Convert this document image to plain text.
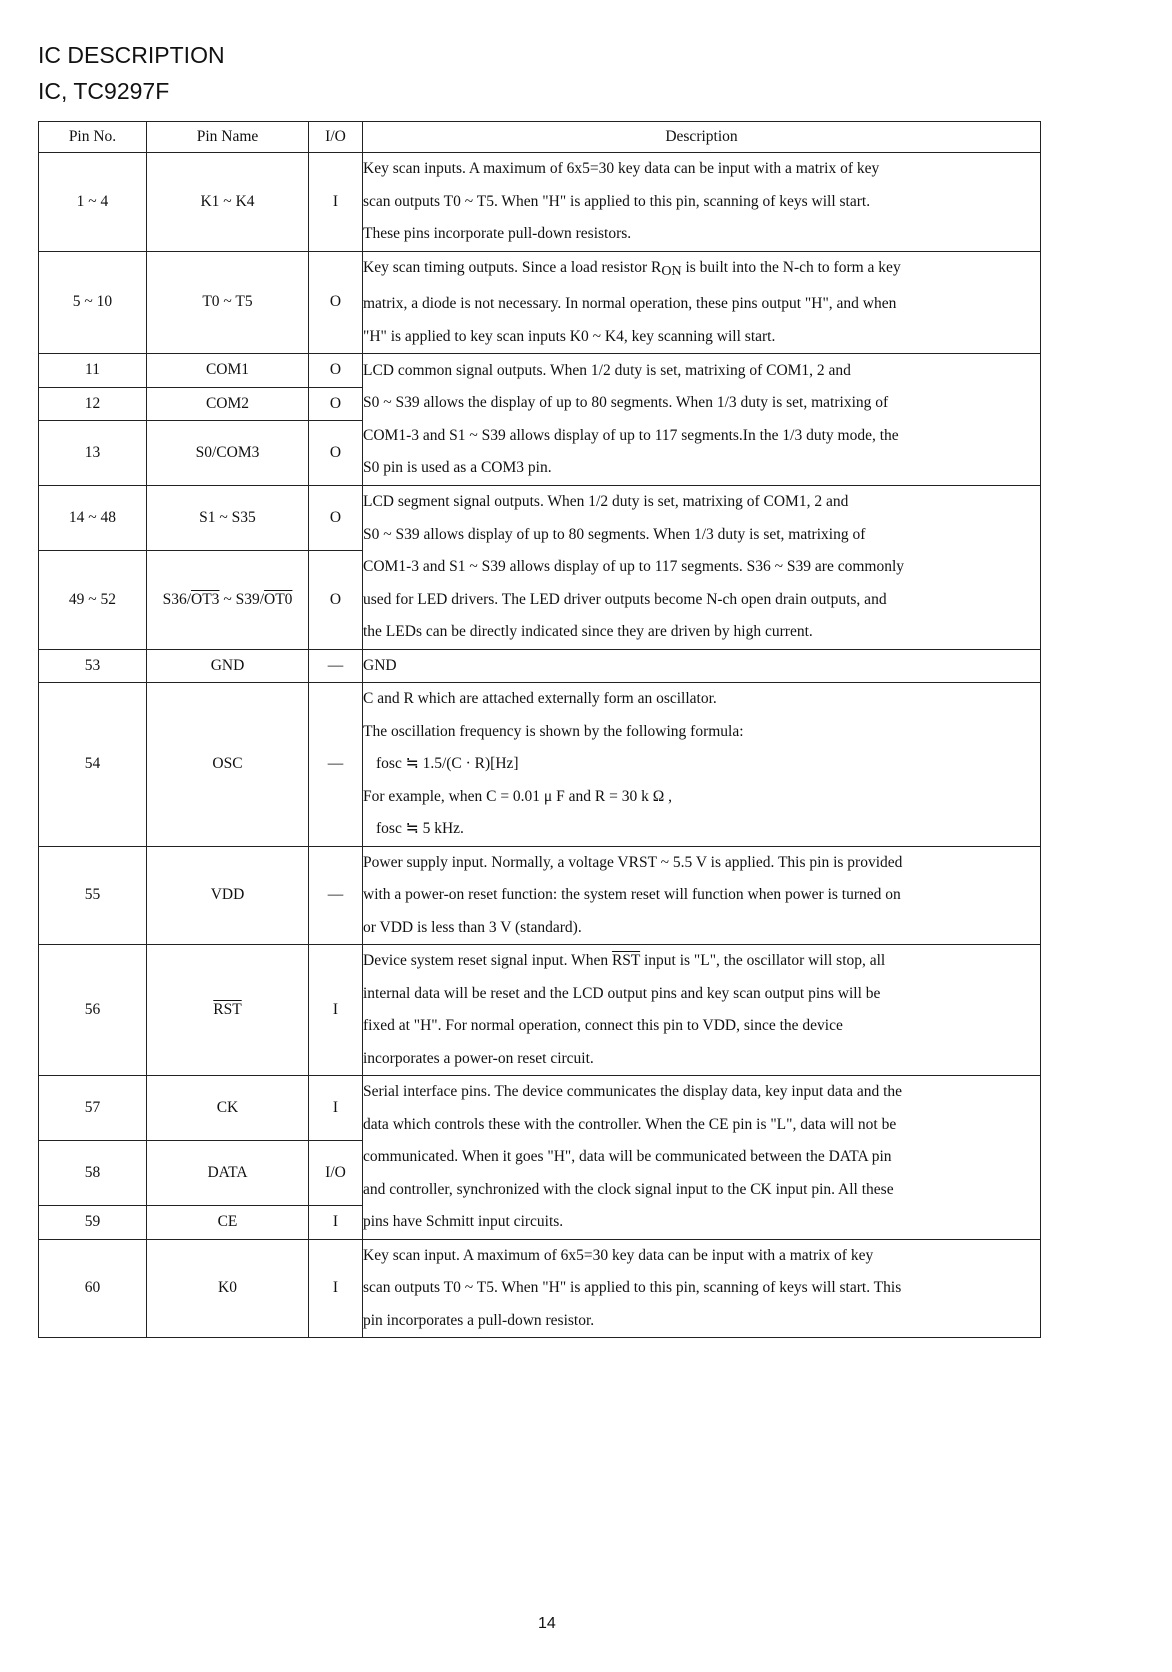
IC DESCRIPTION
IC, TC9297F
Pin No.	Pin Name	I/O	Description
1 ~ 4	K1 ~ K4	I	Key scan inputs. A maximum of 6x5=30 key data can be input with a matrix of key
scan outputs T0 ~ T5. When "H" is applied to this pin, scanning of keys will start.
These pins incorporate pull-down resistors.

5 ~ 10	T0 ~ T5	O	Key scan timing outputs. Since a load resistor $R_{ON}$ is built into the N-ch to form a key
matrix, a diode is not necessary. In normal operation, these pins output "H", and when
"H" is applied to key scan inputs K0 ~ K4, key scanning will start.

11	COM1	O	LCD common signal outputs. When 1/2 duty is set, matrixing of COM1, 2 and
S0 ~ S39 allows the display of up to 80 segments. When 1/3 duty is set, matrixing of
COM1-3 and S1 ~ S39 allows display of up to 117 segments.In the 1/3 duty mode, the
S0 pin is used as a COM3 pin.

12	COM2	O	
13	S0/COM3	O	
14 ~ 48	S1 ~ S35	O	LCD segment signal outputs. When 1/2 duty is set, matrixing of COM1, 2 and
S0 ~ S39 allows display of up to 80 segments. When 1/3 duty is set, matrixing of
COM1-3 and S1 ~ S39 allows display of up to 117 segments. S36 ~ S39 are commonly
used for LED drivers. The LED driver outputs become N-ch open drain outputs, and
the LEDs can be directly indicated since they are driven by high current.

49 ~ 52	S36/OT3 ~ S39/OT0	O	
53	GND	—	GND

54	OSC	—	C and R which are attached externally form an oscillator.
The oscillation frequency is shown by the following formula:
fosc ≒ 1.5/(C · R)[Hz]
For example, when C = 0.01 μ F and R = 30 k Ω ,
fosc ≒ 5 kHz.

55	VDD	—	Power supply input. Normally, a voltage VRST ~ 5.5 V is applied. This pin is provided
with a power-on reset function: the system reset will function when power is turned on
or VDD is less than 3 V (standard).

56	$\overline{RST}$	I	Device system reset signal input. When $\overline{RST}$ input is "L", the oscillator will stop, all
internal data will be reset and the LCD output pins and key scan output pins will be
fixed at "H". For normal operation, connect this pin to VDD, since the device
incorporates a power-on reset circuit.

57	CK	I	Serial interface pins. The device communicates the display data, key input data and the
data which controls these with the controller. When the CE pin is "L", data will not be
communicated. When it goes "H", data will be communicated between the DATA pin
and controller, synchronized with the clock signal input to the CK input pin. All these
pins have Schmitt input circuits.

58	DATA	I/O	
59	CE	I	
60	K0	I	Key scan input. A maximum of 6x5=30 key data can be input with a matrix of key
scan outputs T0 ~ T5. When "H" is applied to this pin, scanning of keys will start. This
pin incorporates a pull-down resistor.
14
